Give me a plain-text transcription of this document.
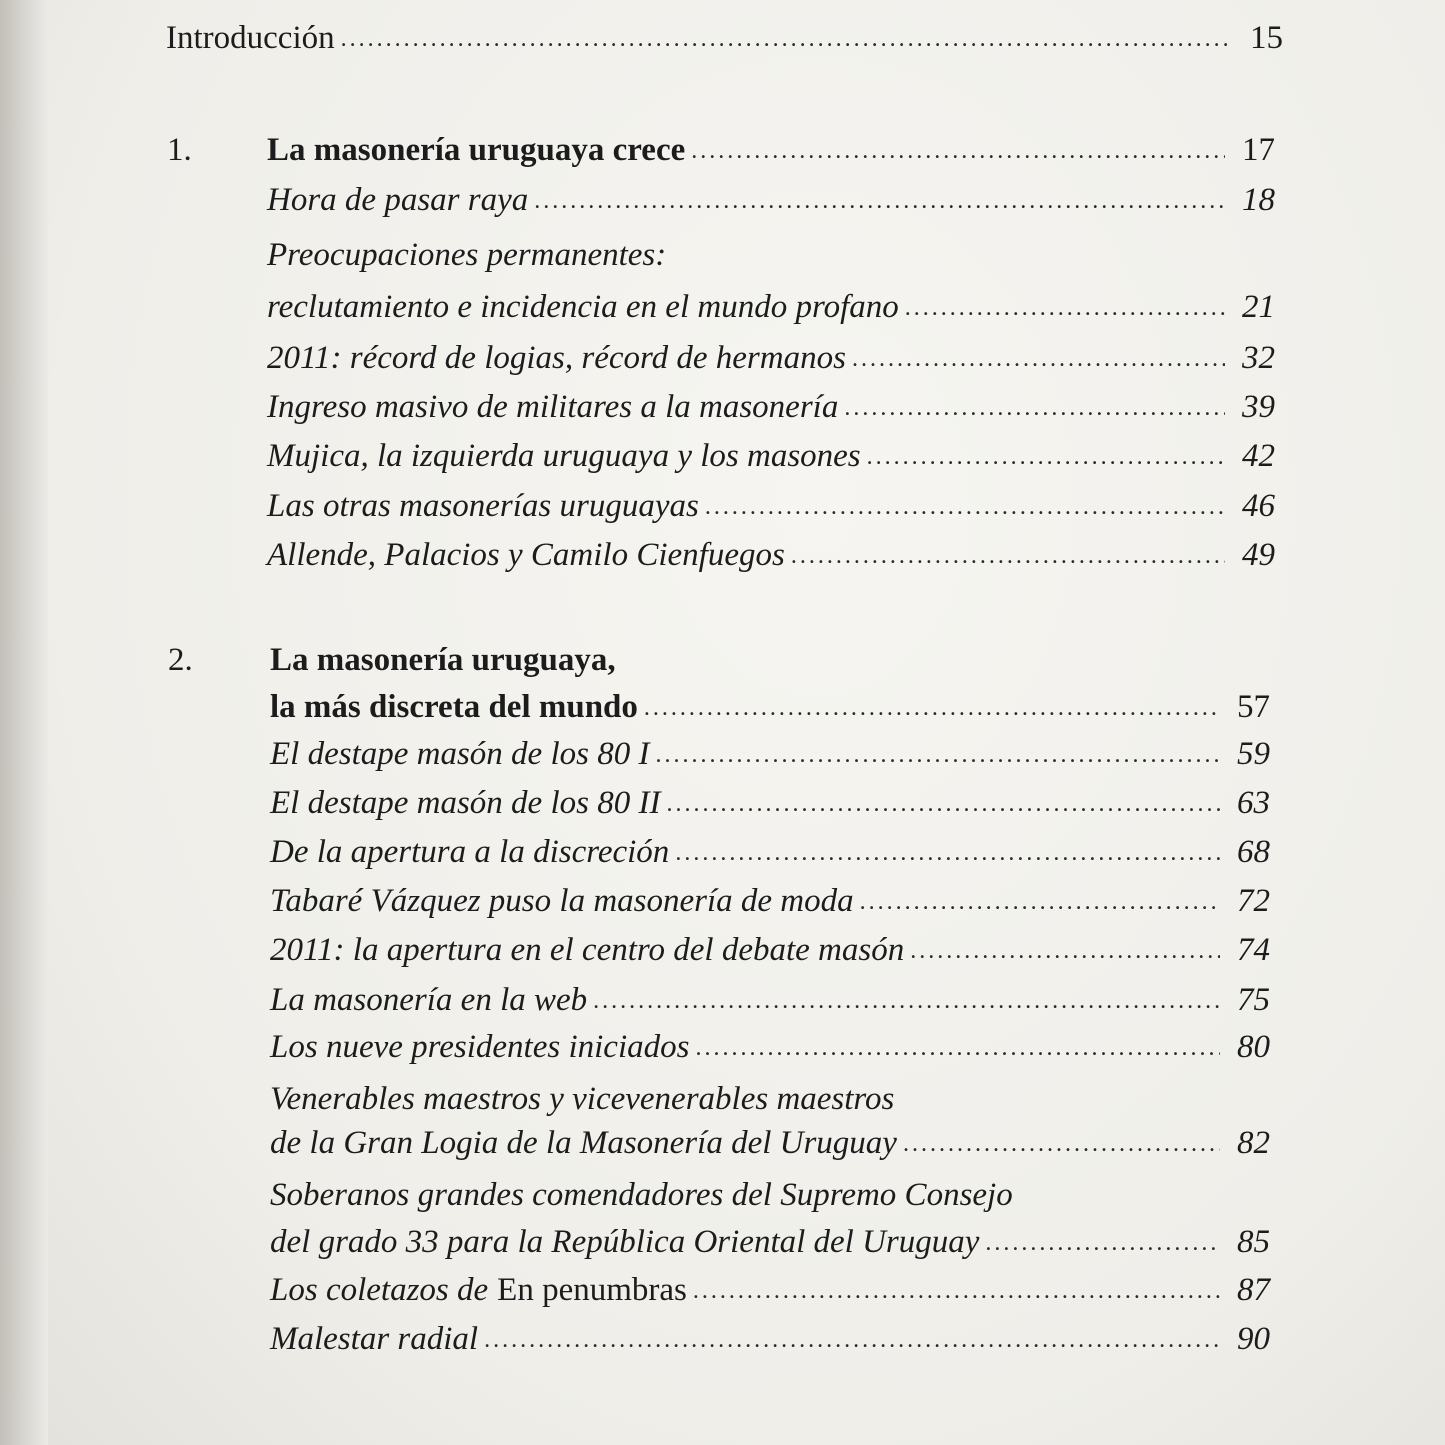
Introducción .....	15
1. La masonería uruguaya crece .....	17
Hora de pasar raya .....	18
Preocupaciones permanentes:
reclutamiento e incidencia en el mundo profano .....	21
2011: récord de logias, récord de hermanos .....	32
Ingreso masivo de militares a la masonería .....	39
Mujica, la izquierda uruguaya y los masones .....	42
Las otras masonerías uruguayas .....	46
Allende, Palacios y Camilo Cienfuegos .....	49
2. La masonería uruguaya,
la más discreta del mundo .....	57
El destape masón de los 80 I .....	59
El destape masón de los 80 II .....	63
De la apertura a la discreción .....	68
Tabaré Vázquez puso la masonería de moda .....	72
2011: la apertura en el centro del debate masón .....	74
La masonería en la web .....	75
Los nueve presidentes iniciados .....	80
Venerables maestros y vicevenerables maestros
de la Gran Logia de la Masonería del Uruguay .....	82
Soberanos grandes comendadores del Supremo Consejo
del grado 33 para la República Oriental del Uruguay .....	85
Los coletazos de En penumbras .....	87
Malestar radial .....	90
